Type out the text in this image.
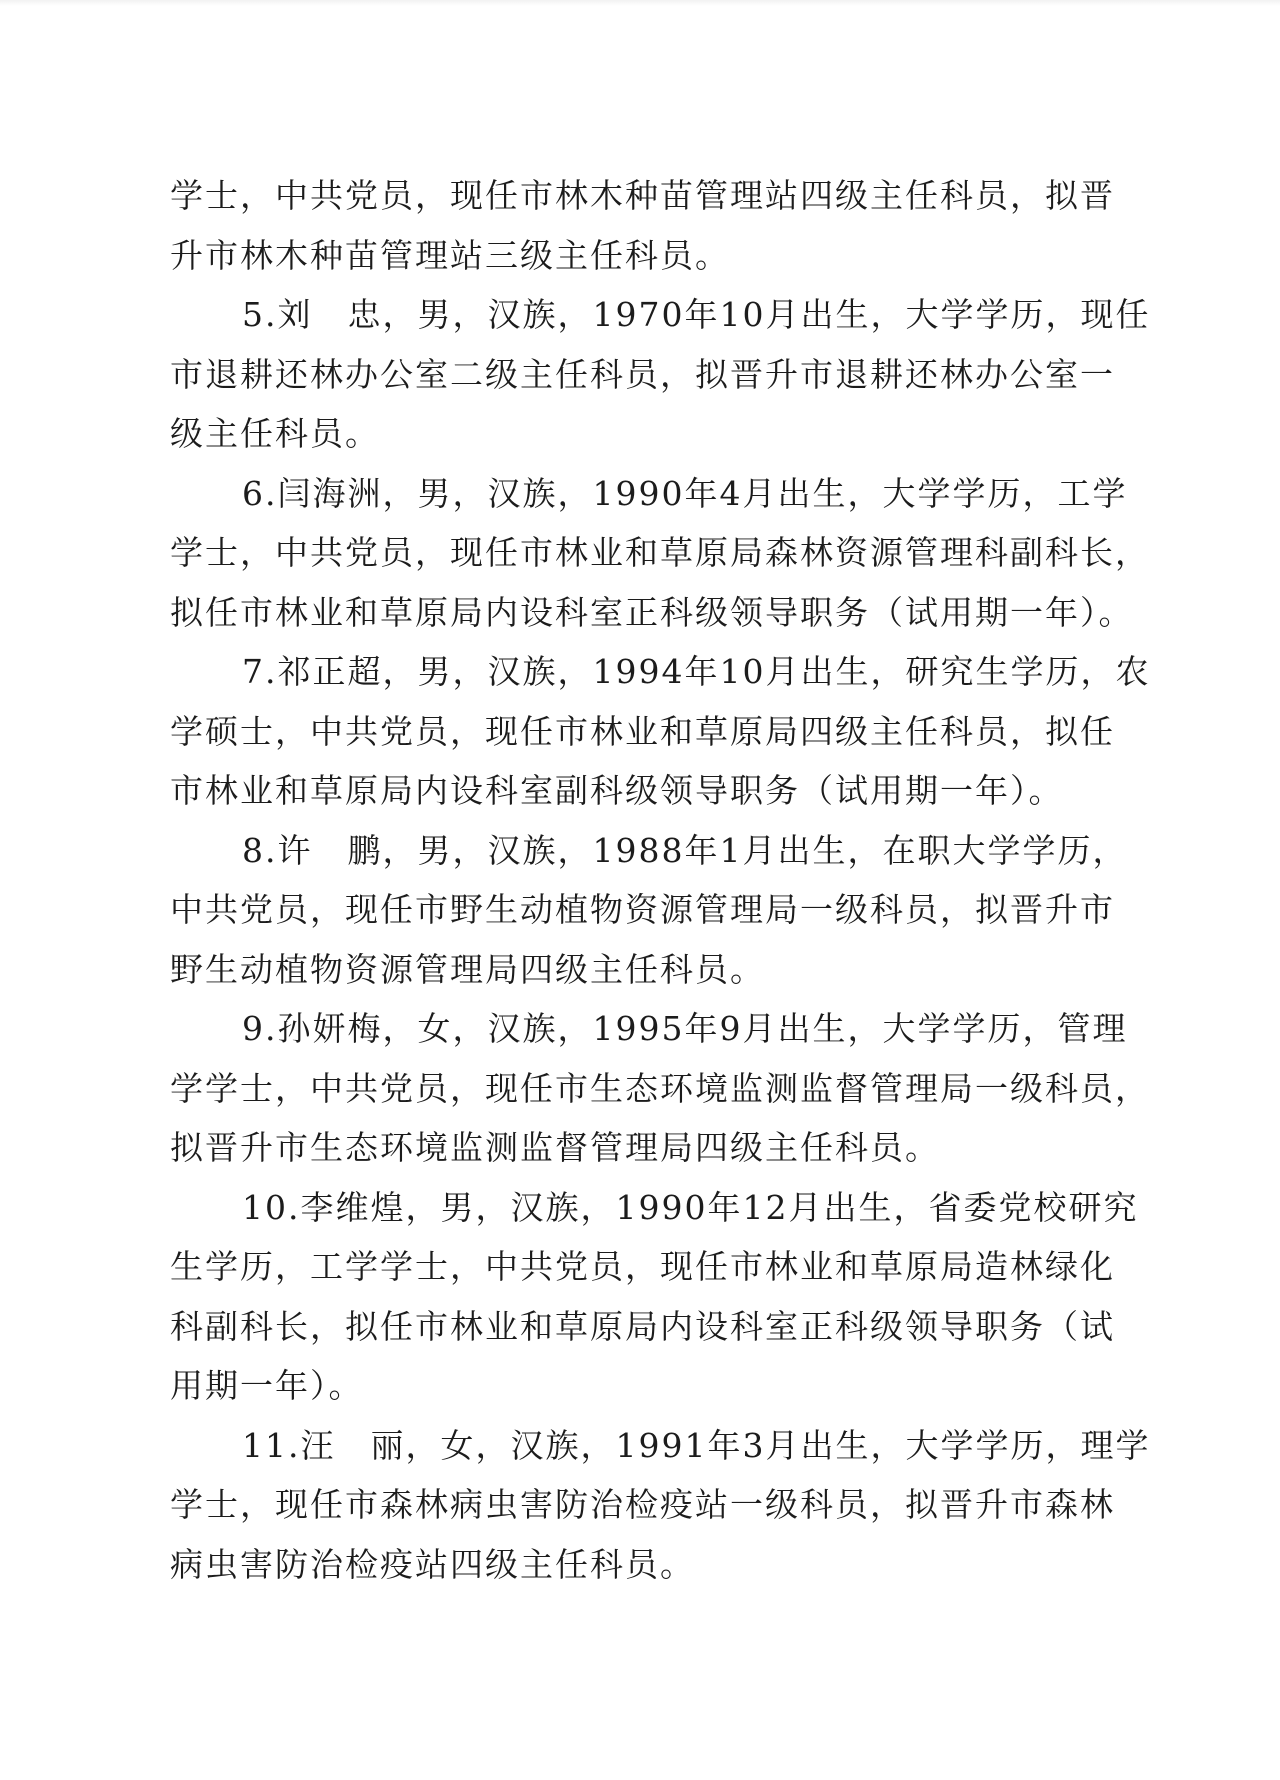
学士，中共党员，现任市林木种苗管理站四级主任科员，拟晋
升市林木种苗管理站三级主任科员。
5.刘　忠，男，汉族，1970年10月出生，大学学历，现任
市退耕还林办公室二级主任科员，拟晋升市退耕还林办公室一
级主任科员。
6.闫海洲，男，汉族，1990年4月出生，大学学历，工学
学士，中共党员，现任市林业和草原局森林资源管理科副科长，
拟任市林业和草原局内设科室正科级领导职务（试用期一年）。
7.祁正超，男，汉族，1994年10月出生，研究生学历，农
学硕士，中共党员，现任市林业和草原局四级主任科员，拟任
市林业和草原局内设科室副科级领导职务（试用期一年）。
8.许　鹏，男，汉族，1988年1月出生，在职大学学历，
中共党员，现任市野生动植物资源管理局一级科员，拟晋升市
野生动植物资源管理局四级主任科员。
9.孙妍梅，女，汉族，1995年9月出生，大学学历，管理
学学士，中共党员，现任市生态环境监测监督管理局一级科员，
拟晋升市生态环境监测监督管理局四级主任科员。
10.李维煌，男，汉族，1990年12月出生，省委党校研究
生学历，工学学士，中共党员，现任市林业和草原局造林绿化
科副科长，拟任市林业和草原局内设科室正科级领导职务（试
用期一年）。
11.汪　丽，女，汉族，1991年3月出生，大学学历，理学
学士，现任市森林病虫害防治检疫站一级科员，拟晋升市森林
病虫害防治检疫站四级主任科员。
